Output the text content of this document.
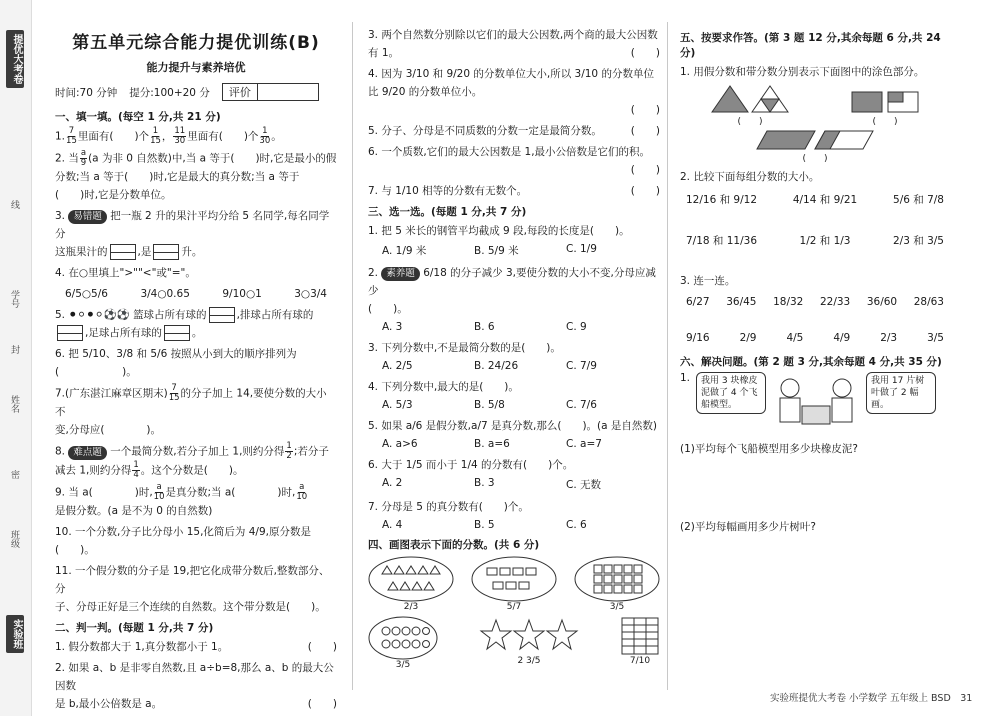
提优大考卷
线
学号
封
姓名
密
班级
实验班
第五单元综合能力提优训练(B)
能力提升与素养培优
时间:70 分钟 提分:100+20 分	评价
一、填一填。(每空 1 分,共 21 分)
1. $\frac{7}{15}$ 里面有(　　)个 $\frac{1}{15}$ ， $\frac{11}{30}$ 里面有(　　)个 $\frac{1}{30}$ 。
2. 当 $\frac{a}{9} (a$ 为非 0 自然数)中,当 a 等于(　　)时,它是最小的假
分数;当 a 等于(　　)时,它是最大的真分数;当 a 等于
(　　)时,它是分数单位。
3. 易错题 把一瓶 2 升的果汁平均分给 5 名同学,每名同学分
这瓶果汁的	,是	升。
4. 在○里填上">""<"或"="。
6/5○5/6	3/4○0.65	9/10○1	3○3/4
5. ⚫⚪⚫⚪⚽⚽ 篮球占所有球的	,排球占所有球的

,足球占所有球的	。
6. 把 5/10、3/8 和 5/6 按照从小到大的顺序排列为(　　　　　　)。
7.(广东湛江麻章区期末) $\frac{7}{15}$ 的分子加上 14,要使分数的大小不
变,分母应(　　　　)。
8. 难点题 一个最简分数,若分子加上 1,则约分得 $\frac{1}{2}$ ;若分子
减去 1,则约分得 $\frac{1}{4}$ 。这个分数是(　　)。
9. 当 a(　　　　)时, $\frac{a}{10}$ 是真分数;当 a(　　　　)时, $\frac{a}{10}$

是假分数。(a 是不为 0 的自然数)
10. 一个分数,分子比分母小 15,化简后为 4/9,原分数是(　　)。
11. 一个假分数的分子是 19,把它化成带分数后,整数部分、分
子、分母正好是三个连续的自然数。这个带分数是(　　)。
二、判一判。(每题 1 分,共 7 分)
1. 假分数都大于 1,真分数都小于 1。	(　　)
2. 如果 a、b 是非零自然数,且 a÷b=8,那么 a、b 的最大公因数

是 b,最小公倍数是 a。	(　　)
3. 两个自然数分别除以它们的最大公因数,两个商的最大公因数

有 1。	(　　)
4. 因为 3/10 和 9/20 的分数单位大小,所以 3/10 的分数单位比 9/20 的分数单位小。
(　　)
5. 分子、分母是不同质数的分数一定是最简分数。	(　　)
6. 一个质数,它们的最大公因数是 1,最小公倍数是它们的积。
(　　)
7. 与 1/10 相等的分数有无数个。	(　　)
三、选一选。(每题 1 分,共 7 分)
1. 把 5 米长的钢管平均截成 9 段,每段的长度是(　　)。
A. 1/9 米	B. 5/9 米	C. 1/9
2. 素养题 6/18 的分子减少 3,要使分数的大小不变,分母应减少
(　　)。
A. 3	B. 6	C. 9
3. 下列分数中,不是最简分数的是(　　)。
A. 2/5	B. 24/26	C. 7/9
4. 下列分数中,最大的是(　　)。
A. 5/3	B. 5/8	C. 7/6
5. 如果 a/6 是假分数,a/7 是真分数,那么(　　)。(a 是自然数)
A. a>6	B. a=6	C. a=7
6. 大于 1/5 而小于 1/4 的分数有(　　)个。
A. 2	B. 3	C. 无数
7. 分母是 5 的真分数有(　　)个。
A. 4	B. 5	C. 6
四、画图表示下面的分数。(共 6 分)
2/3	5/7	3/5
3/5	2 3/5	7/10
五、按要求作答。(第 3 题 12 分,其余每题 6 分,共 24 分)
1. 用假分数和带分数分别表示下面图中的涂色部分。
(　　)	(　　)
(　　)
2. 比较下面每组分数的大小。
12/16 和 9/12	4/14 和 9/21	5/6 和 7/8
7/18 和 11/36	1/2 和 1/3	2/3 和 3/5
3. 连一连。
6/27 36/45 18/32 22/33 36/60 28/63
9/16	2/9	4/5	4/9	2/3	3/5
六、解决问题。(第 2 题 3 分,其余每题 4 分,共 35 分)
1.	我用 3 块橡皮泥做了 4 个飞船模型。
我用 17 片树叶做了 2 幅画。
(1)平均每个飞船模型用多少块橡皮泥?
(2)平均每幅画用多少片树叶?
实验班提优大考卷 小学数学 五年级上 BSD　31
